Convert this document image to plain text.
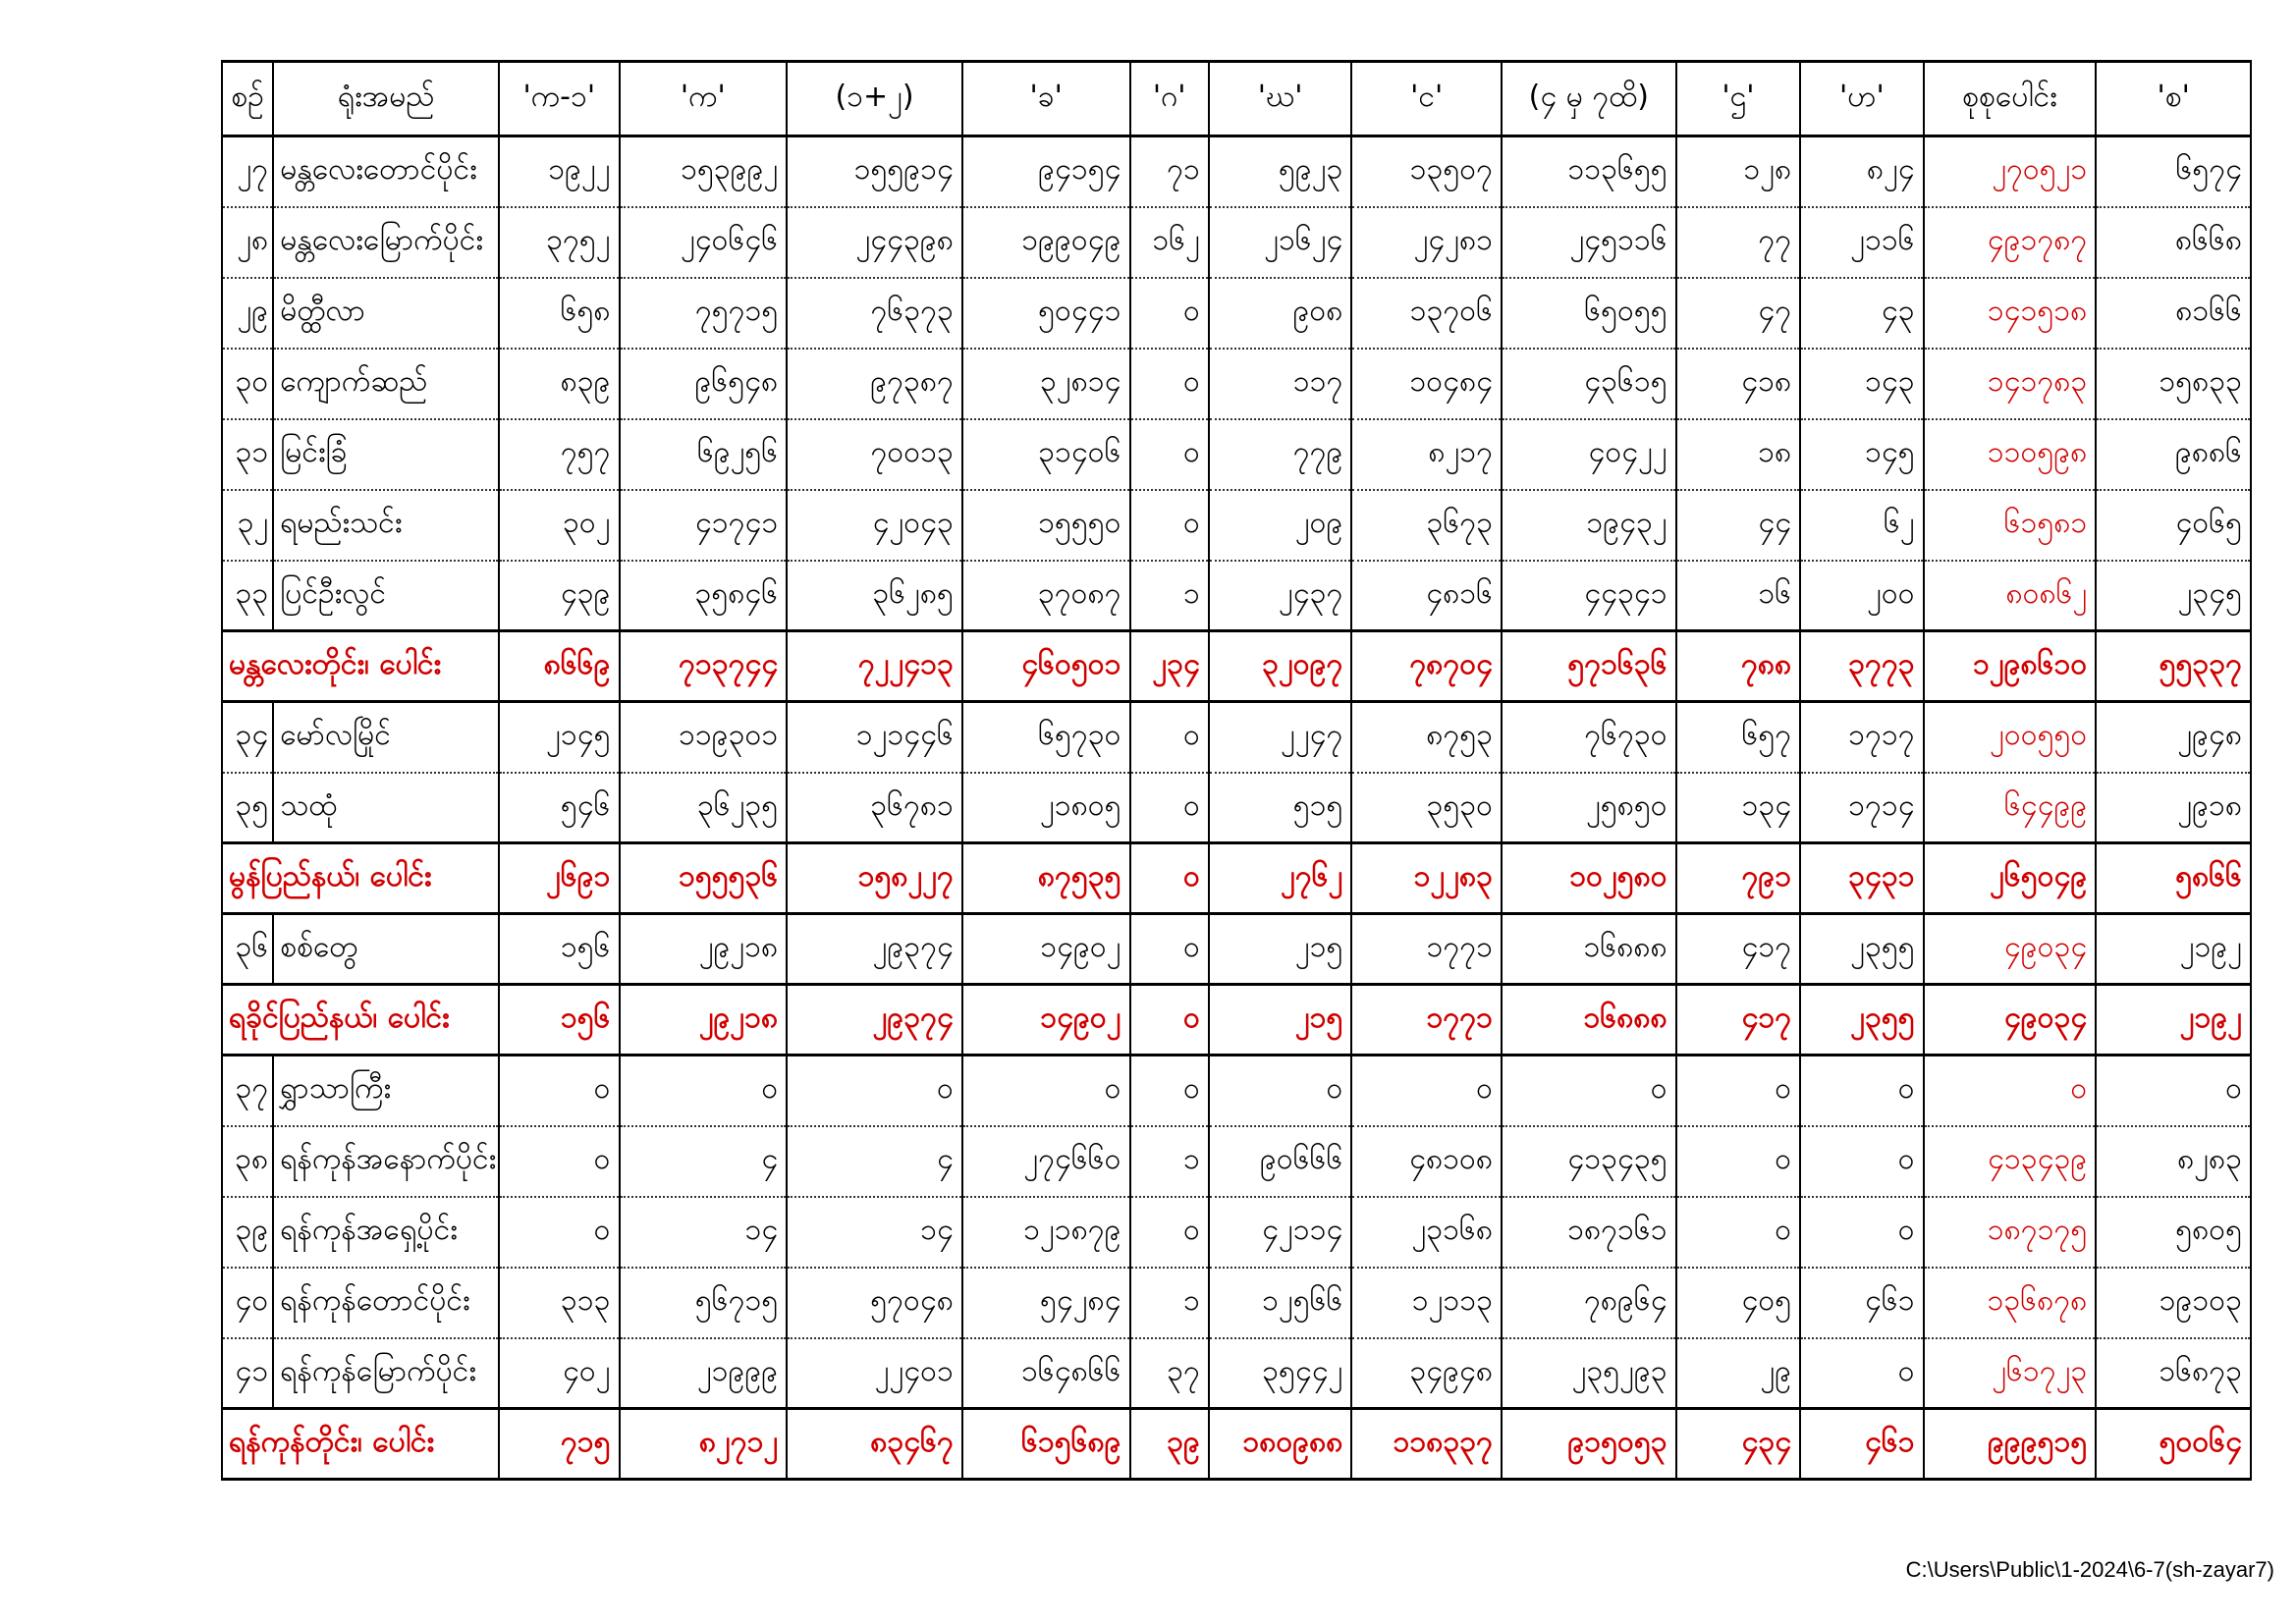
စဉ်	ရုံးအမည်	'က-၁'	'က'	(၁+၂)	'ခ'	'ဂ'	'ဃ'	'င'	(၄ မှ ၇ထိ)	'ဌ'	'ဟ'	စုစုပေါင်း	'စ'
၂၇	မန္တလေးတောင်ပိုင်း	၁၉၂၂	၁၅၃၉၉၂	၁၅၅၉၁၄	၉၄၁၅၄	၇၁	၅၉၂၃	၁၃၅၀၇	၁၁၃၆၅၅	၁၂၈	၈၂၄	၂၇၀၅၂၁	၆၅၇၄
၂၈	မန္တလေးမြောက်ပိုင်း	၃၇၅၂	၂၄၀၆၄၆	၂၄၄၃၉၈	၁၉၉၀၄၉	၁၆၂	၂၁၆၂၄	၂၄၂၈၁	၂၄၅၁၁၆	၇၇	၂၁၁၆	၄၉၁၇၈၇	၈၆၆၈
၂၉	မိတ္ထီလာ	၆၅၈	၇၅၇၁၅	၇၆၃၇၃	၅၀၄၄၁	၀	၉၀၈	၁၃၇၀၆	၆၅၀၅၅	၄၇	၄၃	၁၄၁၅၁၈	၈၁၆၆
၃၀	ကျောက်ဆည်	၈၃၉	၉၆၅၄၈	၉၇၃၈၇	၃၂၈၁၄	၀	၁၁၇	၁၀၄၈၄	၄၃၆၁၅	၄၁၈	၁၄၃	၁၄၁၇၈၃	၁၅၈၃၃
၃၁	မြင်းခြံ	၇၅၇	၆၉၂၅၆	၇၀၀၁၃	၃၁၄၀၆	၀	၇၇၉	၈၂၁၇	၄၀၄၂၂	၁၈	၁၄၅	၁၁၀၅၉၈	၉၈၈၆
၃၂	ရမည်းသင်း	၃၀၂	၄၁၇၄၁	၄၂၀၄၃	၁၅၅၅၀	၀	၂၀၉	၃၆၇၃	၁၉၄၃၂	၄၄	၆၂	၆၁၅၈၁	၄၀၆၅
၃၃	ပြင်ဦးလွင်	၄၃၉	၃၅၈၄၆	၃၆၂၈၅	၃၇၀၈၇	၁	၂၄၃၇	၄၈၁၆	၄၄၃၄၁	၁၆	၂၀၀	၈၀၈၆၂	၂၃၄၅
မန္တလေးတိုင်း၊ ပေါင်း		၈၆၆၉	၇၁၃၇၄၄	၇၂၂၄၁၃	၄၆၀၅၀၁	၂၃၄	၃၂၀၉၇	၇၈၇၀၄	၅၇၁၆၃၆	၇၈၈	၃၇၇၃	၁၂၉၈၆၁၀	၅၅၃၃၇
၃၄	မော်လမြိုင်	၂၁၄၅	၁၁၉၃၀၁	၁၂၁၄၄၆	၆၅၇၃၀	၀	၂၂၄၇	၈၇၅၃	၇၆၇၃၀	၆၅၇	၁၇၁၇	၂၀၀၅၅၀	၂၉၄၈
၃၅	သထုံ	၅၄၆	၃၆၂၃၅	၃၆၇၈၁	၂၁၈၀၅	၀	၅၁၅	၃၅၃၀	၂၅၈၅၀	၁၃၄	၁၇၁၄	၆၄၄၉၉	၂၉၁၈
မွန်ပြည်နယ်၊ ပေါင်း		၂၆၉၁	၁၅၅၅၃၆	၁၅၈၂၂၇	၈၇၅၃၅	၀	၂၇၆၂	၁၂၂၈၃	၁၀၂၅၈၀	၇၉၁	၃၄၃၁	၂၆၅၀၄၉	၅၈၆၆
၃၆	စစ်တွေ	၁၅၆	၂၉၂၁၈	၂၉၃၇၄	၁၄၉၀၂	၀	၂၁၅	၁၇၇၁	၁၆၈၈၈	၄၁၇	၂၃၅၅	၄၉၀၃၄	၂၁၉၂
ရခိုင်ပြည်နယ်၊ ပေါင်း		၁၅၆	၂၉၂၁၈	၂၉၃၇၄	၁၄၉၀၂	၀	၂၁၅	၁၇၇၁	၁၆၈၈၈	၄၁၇	၂၃၅၅	၄၉၀၃၄	၂၁၉၂
၃၇	ရွှာသာကြီး	၀	၀	၀	၀	၀	၀	၀	၀	၀	၀	၀	၀
၃၈	ရန်ကုန်အနောက်ပိုင်း	၀	၄	၄	၂၇၄၆၆၀	၁	၉၀၆၆၆	၄၈၁၀၈	၄၁၃၄၃၅	၀	၀	၄၁၃၄၃၉	၈၂၈၃
၃၉	ရန်ကုန်အရှေ့ပိုင်း	၀	၁၄	၁၄	၁၂၁၈၇၉	၀	၄၂၁၁၄	၂၃၁၆၈	၁၈၇၁၆၁	၀	၀	၁၈၇၁၇၅	၅၈၀၅
၄၀	ရန်ကုန်တောင်ပိုင်း	၃၁၃	၅၆၇၁၅	၅၇၀၄၈	၅၄၂၈၄	၁	၁၂၅၆၆	၁၂၁၁၃	၇၈၉၆၄	၄၀၅	၄၆၁	၁၃၆၈၇၈	၁၉၁၀၃
၄၁	ရန်ကုန်မြောက်ပိုင်း	၄၀၂	၂၁၉၉၉	၂၂၄၀၁	၁၆၄၈၆၆	၃၇	၃၅၄၄၂	၃၄၉၄၈	၂၃၅၂၉၃	၂၉	၀	၂၆၁၇၂၃	၁၆၈၇၃
ရန်ကုန်တိုင်း၊ ပေါင်း		၇၁၅	၈၂၇၁၂	၈၃၄၆၇	၆၁၅၆၈၉	၃၉	၁၈၀၉၈၈	၁၁၈၃၃၇	၉၁၅၀၅၃	၄၃၄	၄၆၁	၉၉၉၅၁၅	၅၀၀၆၄
C:\Users\Public\1-2024\6-7(sh-zayar7)
